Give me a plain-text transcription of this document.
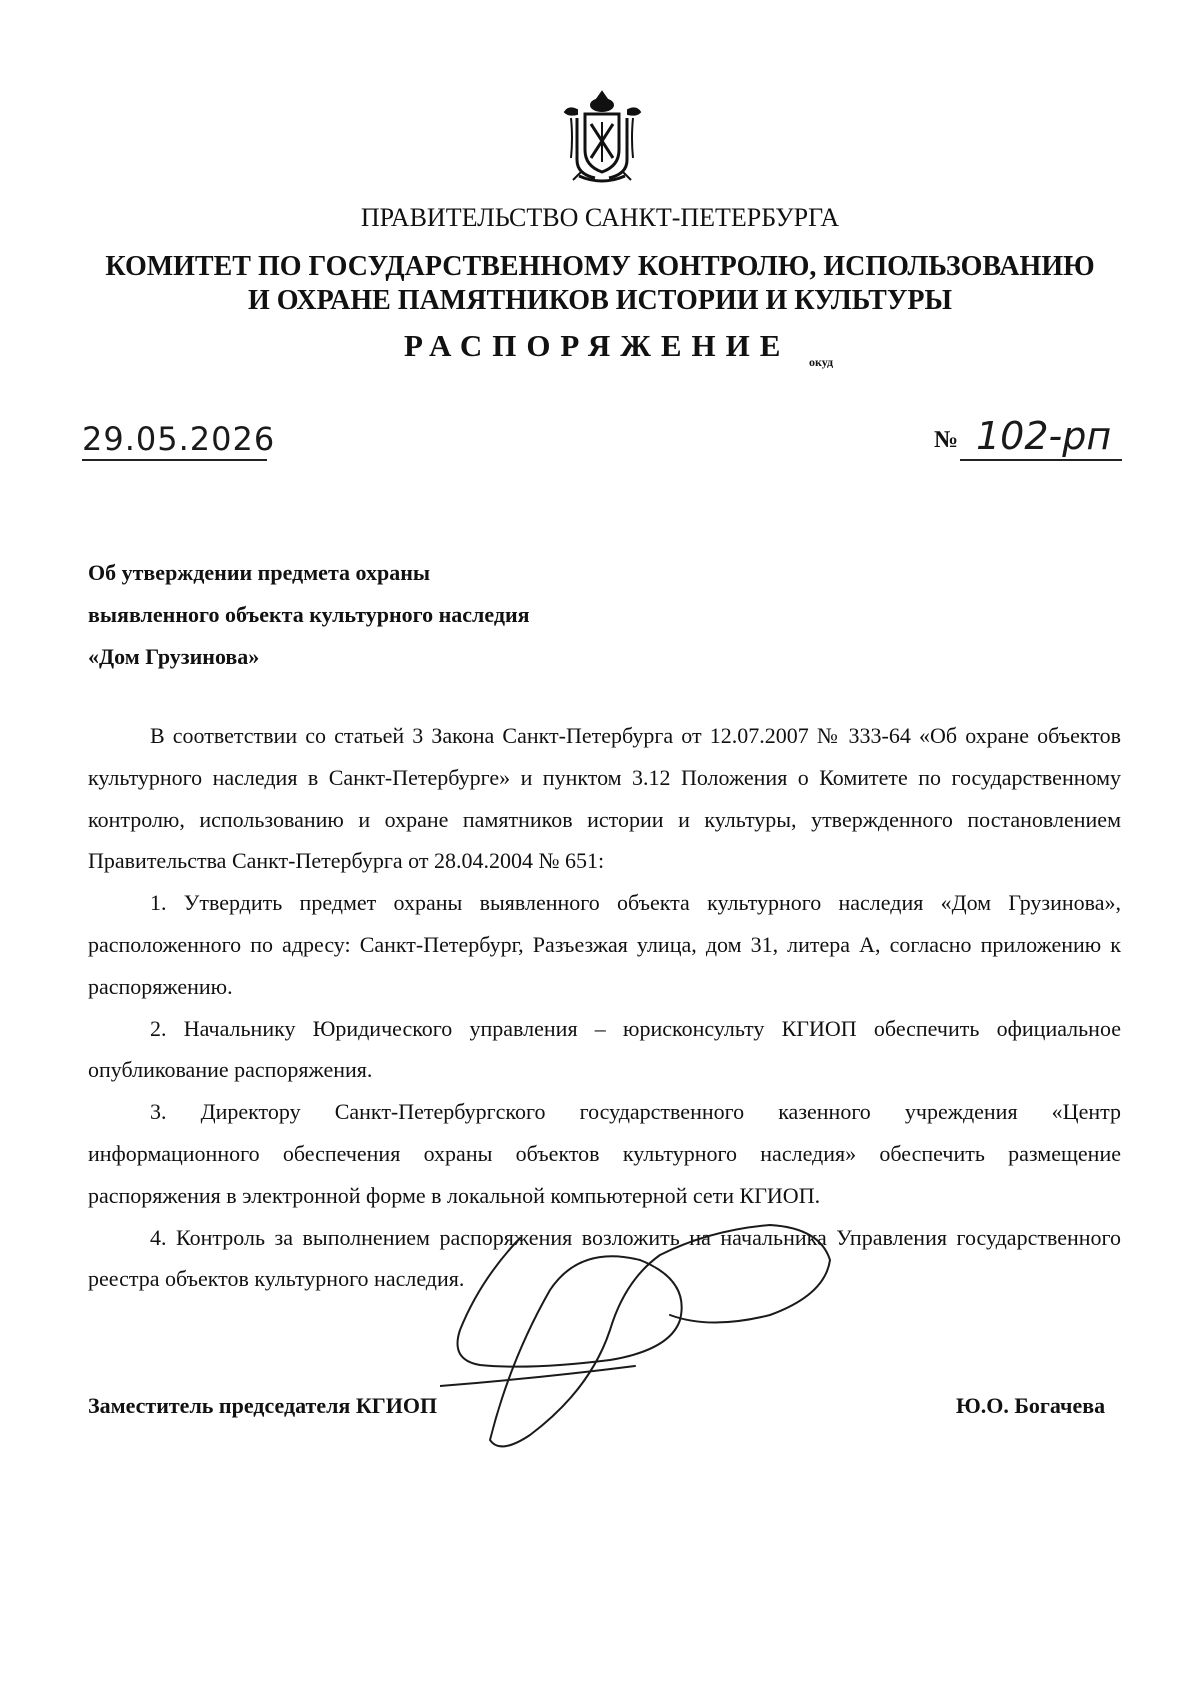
ПРАВИТЕЛЬСТВО САНКТ-ПЕТЕРБУРГА
КОМИТЕТ ПО ГОСУДАРСТВЕННОМУ КОНТРОЛЮ, ИСПОЛЬЗОВАНИЮ
И ОХРАНЕ ПАМЯТНИКОВ ИСТОРИИ И КУЛЬТУРЫ
РАСПОРЯЖЕНИЕ окуд
29.05.2026	№ 102-рп
Об утверждении предмета охраны
выявленного объекта культурного наследия
«Дом Грузинова»

В соответствии со статьей 3 Закона Санкт-Петербурга от 12.07.2007 № 333-64 «Об охране объектов культурного наследия в Санкт-Петербурге» и пунктом 3.12 Положения о Комитете по государственному контролю, использованию и охране памятников истории и культуры, утвержденного постановлением Правительства Санкт-Петербурга от 28.04.2004 № 651:

1. Утвердить предмет охраны выявленного объекта культурного наследия «Дом Грузинова», расположенного по адресу: Санкт-Петербург, Разъезжая улица, дом 31, литера А, согласно приложению к распоряжению.

2. Начальнику Юридического управления – юрисконсульту КГИОП обеспечить официальное опубликование распоряжения.

3. Директору Санкт-Петербургского государственного казенного учреждения «Центр информационного обеспечения охраны объектов культурного наследия» обеспечить размещение распоряжения в электронной форме в локальной компьютерной сети КГИОП.

4. Контроль за выполнением распоряжения возложить на начальника Управления государственного реестра объектов культурного наследия.

Заместитель председателя КГИОП	Ю.О. Богачева
